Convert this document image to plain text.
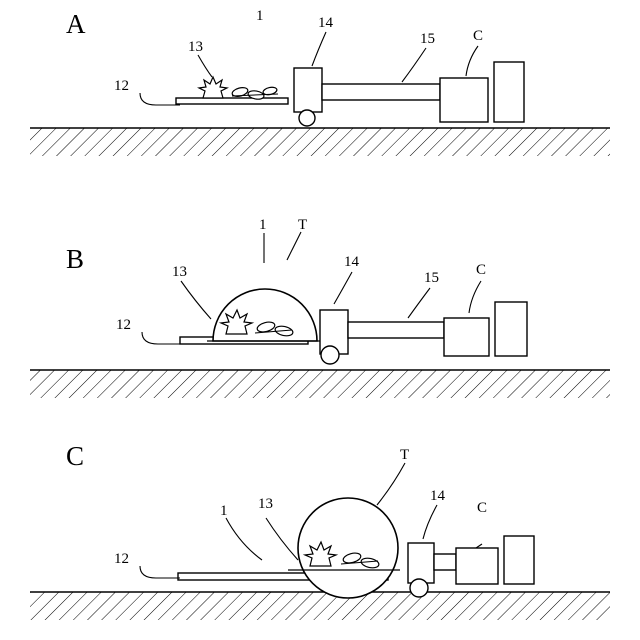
A	1	14
15	C
13
12
B
1 T
14
15 C
13
12
C	T
1 13	14
C
12
